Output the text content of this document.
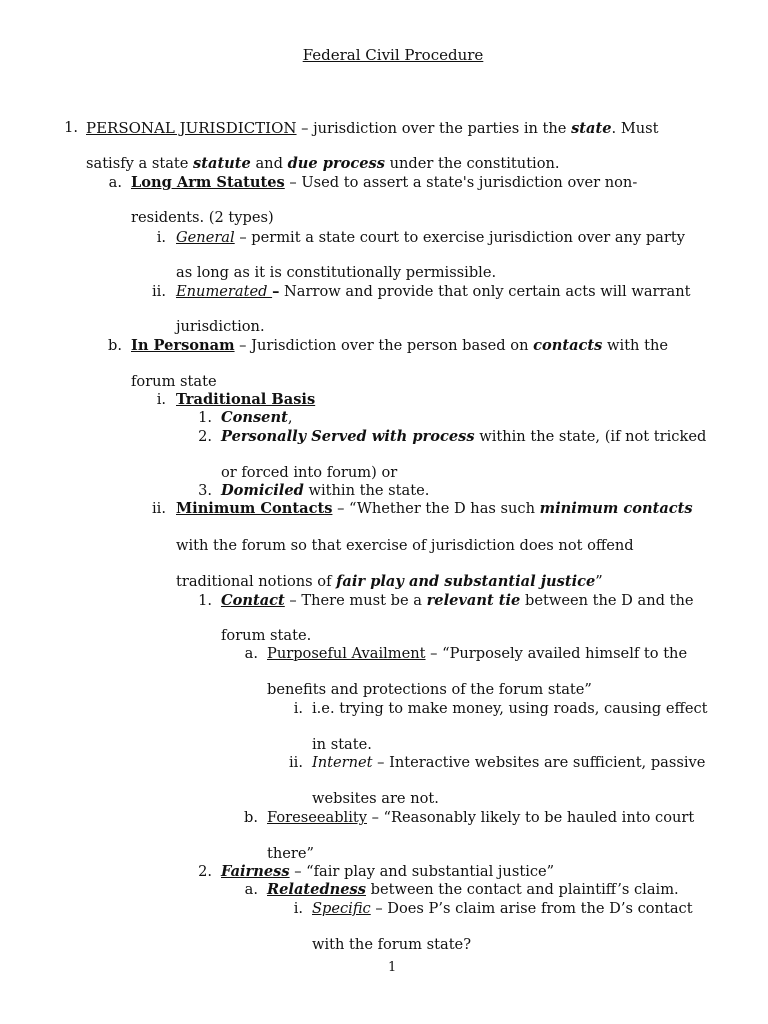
Federal Civil Procedure
1. PERSONAL JURISDICTION – jurisdiction over the parties in the state. Must
satisfy a state statute and due process under the constitution.
a. Long Arm Statutes – Used to assert a state's jurisdiction over non-
residents. (2 types)
i. General – permit a state court to exercise jurisdiction over any party
as long as it is constitutionally permissible.
ii. Enumerated – Narrow and provide that only certain acts will warrant
jurisdiction.
b. In Personam – Jurisdiction over the person based on contacts with the
forum state
i. Traditional Basis
1. Consent,
2. Personally Served with process within the state, (if not tricked
or forced into forum) or
3. Domiciled within the state.
ii. Minimum Contacts – “Whether the D has such minimum contacts
with the forum so that exercise of jurisdiction does not offend
traditional notions of fair play and substantial justice”
1. Contact – There must be a relevant tie between the D and the
forum state.
a. Purposeful Availment – “Purposely availed himself to the
benefits and protections of the forum state”
i. i.e. trying to make money, using roads, causing effect
in state.
ii. Internet – Interactive websites are sufficient, passive
websites are not.
b. Foreseeablity – “Reasonably likely to be hauled into court
there”
2. Fairness – “fair play and substantial justice”
a. Relatedness between the contact and plaintiff’s claim.
i. Specific – Does P’s claim arise from the D’s contact
with the forum state?
1
